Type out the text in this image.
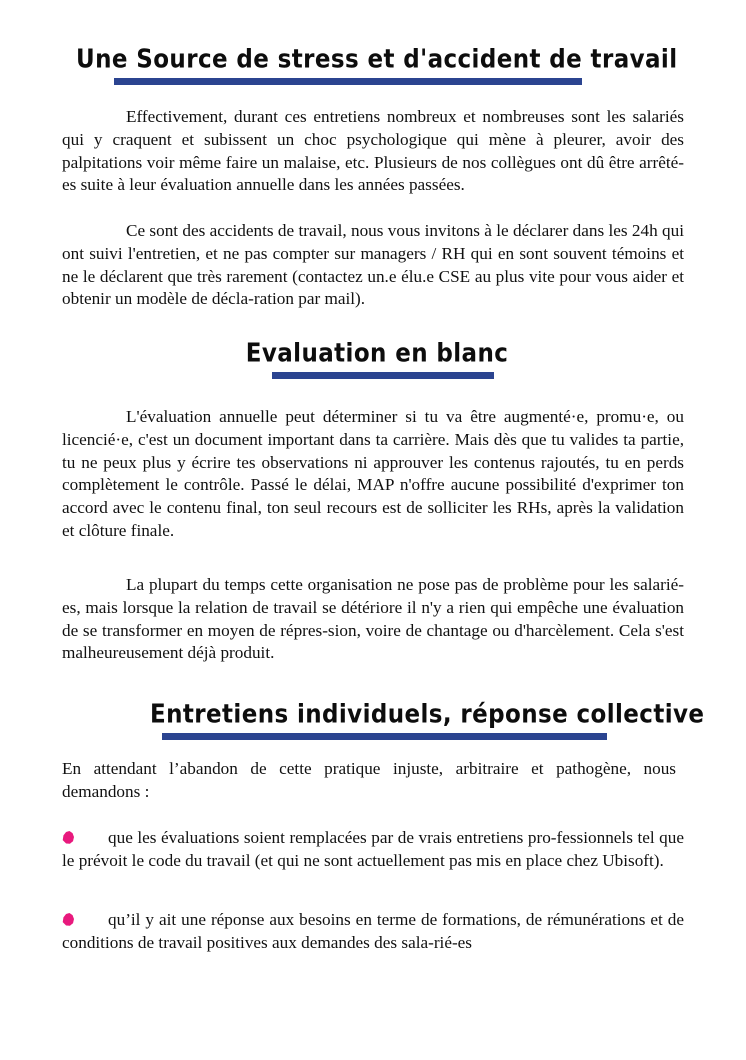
Une Source de stress et d'accident de travail

Effectivement, durant ces entretiens nombreux et nombreuses sont les salariés qui y craquent et subissent un choc psychologique qui mène à pleurer, avoir des palpitations voir même faire un malaise, etc. Plusieurs de nos collègues ont dû être arrêté-es suite à leur évaluation annuelle dans les années passées.

Ce sont des accidents de travail, nous vous invitons à le déclarer dans les 24h qui ont suivi l'entretien, et ne pas compter sur managers / RH qui en sont souvent témoins et ne le déclarent que très rarement (contactez un.e élu.e CSE au plus vite pour vous aider et obtenir un modèle de décla-ration par mail).

Evaluation en blanc

L'évaluation annuelle peut déterminer si tu va être augmenté·e, promu·e, ou licencié·e, c'est un document important dans ta carrière. Mais dès que tu valides ta partie, tu ne peux plus y écrire tes observations ni approuver les contenus rajoutés, tu en perds complètement le contrôle. Passé le délai, MAP n'offre aucune possibilité d'exprimer ton accord avec le contenu final, ton seul recours est de solliciter les RHs, après la validation et clôture finale.

La plupart du temps cette organisation ne pose pas de problème pour les salarié-es, mais lorsque la relation de travail se détériore il n'y a rien qui empêche une évaluation de se transformer en moyen de répres-sion, voire de chantage ou d'harcèlement. Cela s'est malheureusement déjà produit.

Entretiens individuels, réponse collective

En attendant l’abandon de cette pratique injuste, arbitraire et pathogène, nous demandons :

que les évaluations soient remplacées par de vrais entretiens pro-fessionnels tel que le prévoit le code du travail (et qui ne sont actuellement pas mis en place chez Ubisoft).

qu’il y ait une réponse aux besoins en terme de formations, de rémunérations et de conditions de travail positives aux demandes des sala-rié-es
